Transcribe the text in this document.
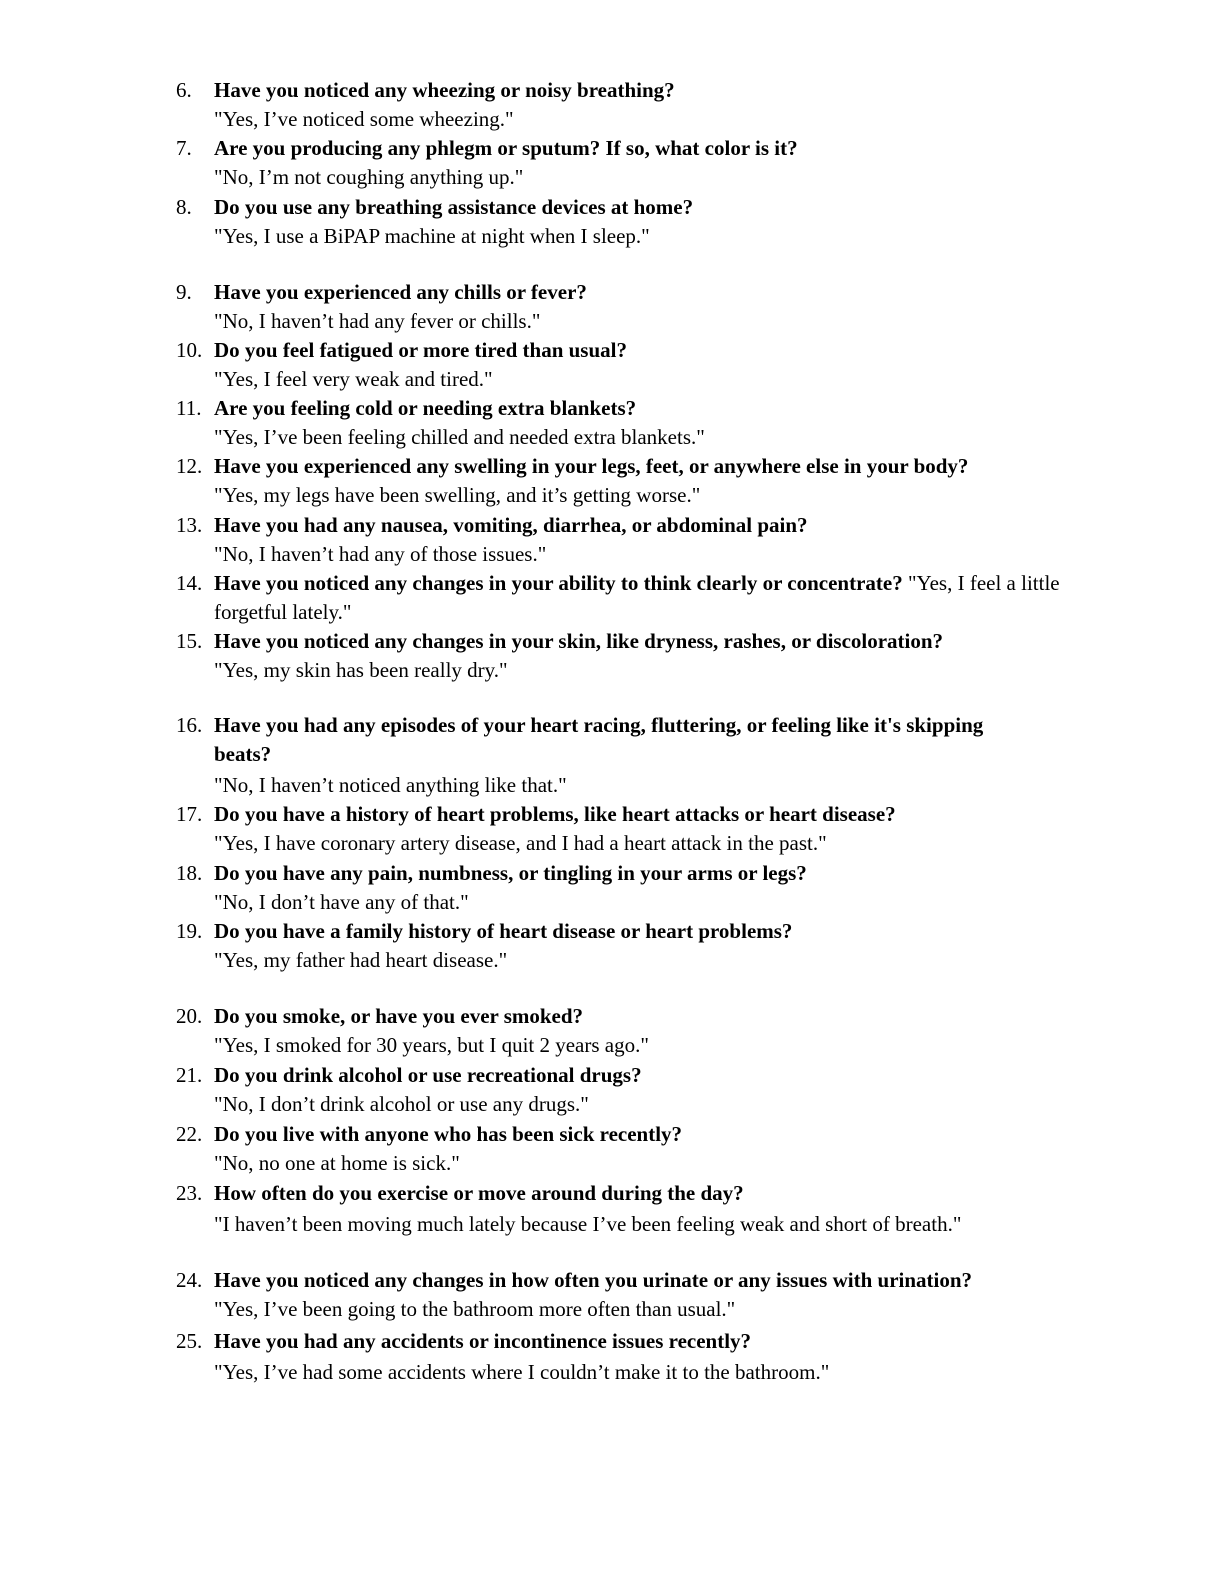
6.	Have you noticed any wheezing or noisy breathing?
"Yes, I’ve noticed some wheezing."
7.	Are you producing any phlegm or sputum? If so, what color is it?
"No, I’m not coughing anything up."
8.	Do you use any breathing assistance devices at home?
"Yes, I use a BiPAP machine at night when I sleep."
9.	Have you experienced any chills or fever?
"No, I haven’t had any fever or chills."
10. Do you feel fatigued or more tired than usual?
"Yes, I feel very weak and tired."
11. Are you feeling cold or needing extra blankets?
"Yes, I’ve been feeling chilled and needed extra blankets."
12. Have you experienced any swelling in your legs, feet, or anywhere else in your body?
"Yes, my legs have been swelling, and it’s getting worse."
13. Have you had any nausea, vomiting, diarrhea, or abdominal pain?
"No, I haven’t had any of those issues."
14. Have you noticed any changes in your ability to think clearly or concentrate? "Yes, I feel a little forgetful lately."
15. Have you noticed any changes in your skin, like dryness, rashes, or discoloration?
"Yes, my skin has been really dry."
16. Have you had any episodes of your heart racing, fluttering, or feeling like it's skipping beats?
"No, I haven’t noticed anything like that."
17. Do you have a history of heart problems, like heart attacks or heart disease?
"Yes, I have coronary artery disease, and I had a heart attack in the past."
18. Do you have any pain, numbness, or tingling in your arms or legs?
"No, I don’t have any of that."
19. Do you have a family history of heart disease or heart problems?
"Yes, my father had heart disease."
20. Do you smoke, or have you ever smoked?
"Yes, I smoked for 30 years, but I quit 2 years ago."
21. Do you drink alcohol or use recreational drugs?
"No, I don’t drink alcohol or use any drugs."
22. Do you live with anyone who has been sick recently?
"No, no one at home is sick."
23. How often do you exercise or move around during the day?
"I haven’t been moving much lately because I’ve been feeling weak and short of breath."
24. Have you noticed any changes in how often you urinate or any issues with urination?
"Yes, I’ve been going to the bathroom more often than usual."
25. Have you had any accidents or incontinence issues recently?
"Yes, I’ve had some accidents where I couldn’t make it to the bathroom."
